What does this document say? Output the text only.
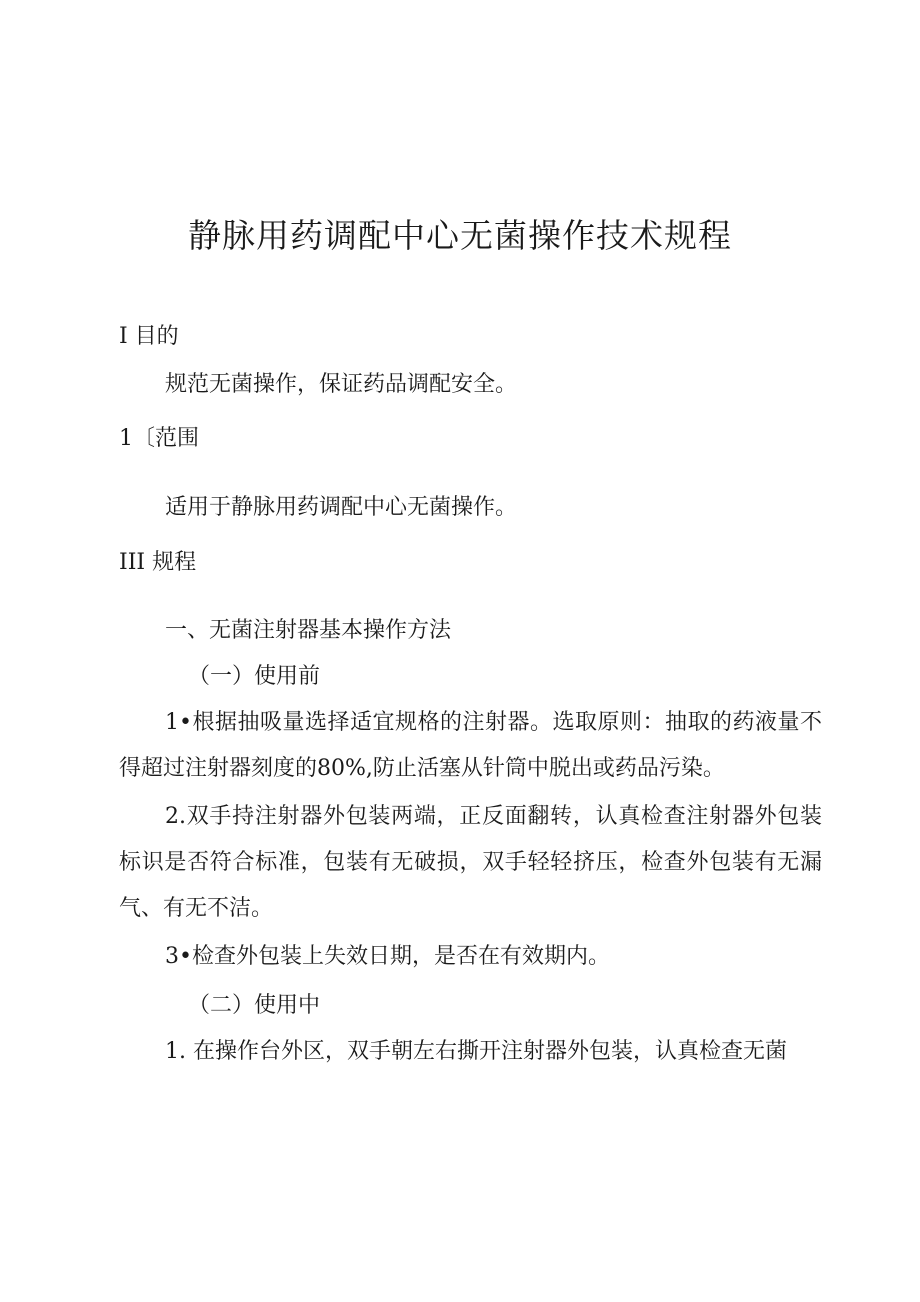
静脉用药调配中心无菌操作技术规程
I 目的
规范无菌操作，保证药品调配安全。
1〔范围
适用于静脉用药调配中心无菌操作。
III 规程
一、无菌注射器基本操作方法
（一）使用前
1•根据抽吸量选择适宜规格的注射器。选取原则：抽取的药液量不得超过注射器刻度的80%,防止活塞从针筒中脱出或药品污染。
2.双手持注射器外包装两端，正反面翻转，认真检查注射器外包装标识是否符合标准，包装有无破损，双手轻轻挤压，检查外包装有无漏气、有无不洁。
3•检查外包装上失效日期，是否在有效期内。
（二）使用中
1. 在操作台外区，双手朝左右撕开注射器外包装，认真检查无菌
